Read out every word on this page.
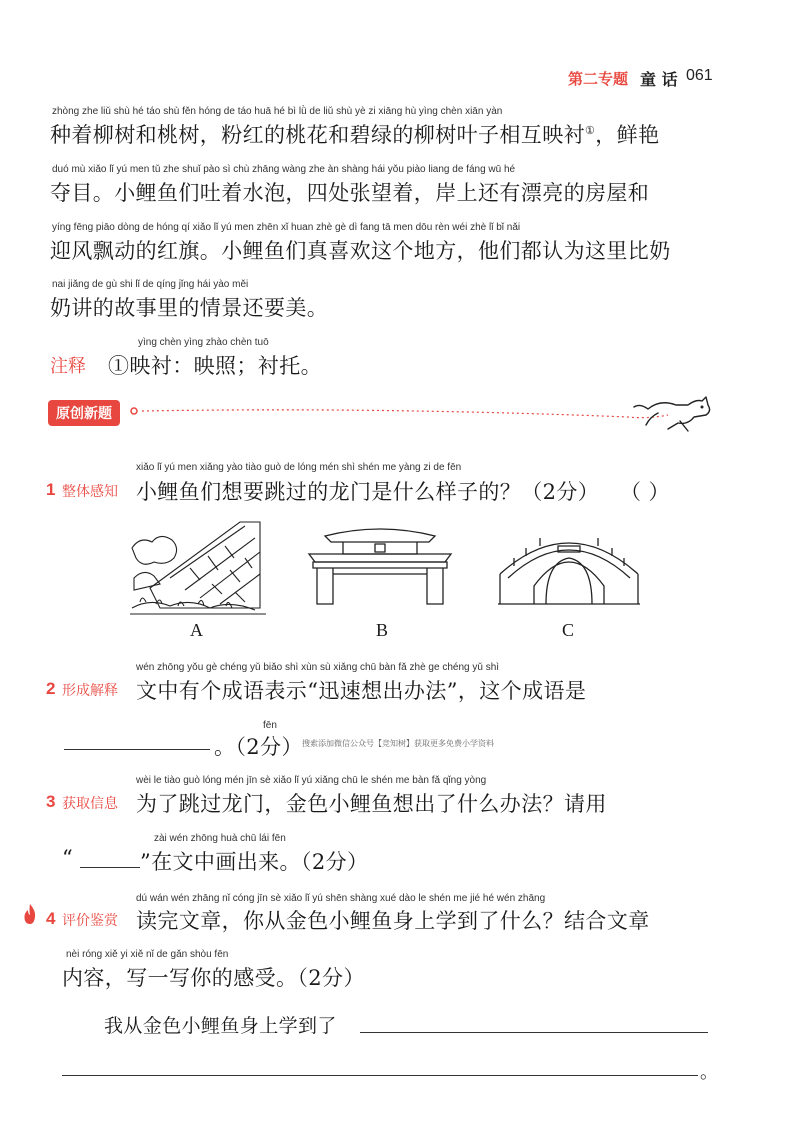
第二专题 童 话 061
zhòng zhe liǔ shù hé táo shù fěn hóng de táo huā hé bì lǜ de liǔ shù yè zi xiāng hù yìng chèn xiān yàn
种着柳树和桃树，粉红的桃花和碧绿的柳树叶子相互映衬①，鲜艳
duó mù xiǎo lǐ yú men tǔ zhe shuǐ pào sì chù zhāng wàng zhe àn shàng hái yǒu piào liang de fáng wū hé
夺目。小鲤鱼们吐着水泡，四处张望着，岸上还有漂亮的房屋和
yíng fēng piāo dòng de hóng qí xiǎo lǐ yú men zhēn xǐ huan zhè gè dì fang tā men dōu rèn wéi zhè lǐ bǐ nǎi
迎风飘动的红旗。小鲤鱼们真喜欢这个地方，他们都认为这里比奶
nai jiǎng de gù shi lǐ de qíng jǐng hái yào měi
奶讲的故事里的情景还要美。
yìng chèn yìng zhào chèn tuō
注释 ①映衬：映照；衬托。
原创新题
xiǎo lǐ yú men xiǎng yào tiào guò de lóng mén shì shén me yàng zi de fēn
1 整体感知 小鲤鱼们想要跳过的龙门是什么样子的？（2分） （ ）
A	B	C
wén zhōng yǒu gè chéng yǔ biǎo shì xùn sù xiǎng chū bàn fǎ zhè ge chéng yǔ shì
2 形成解释 文中有个成语表示“迅速想出办法”，这个成语是
fēn
。（2分） 搜索添加微信公众号【竞知树】获取更多免费小学资料
wèi le tiào guò lóng mén jīn sè xiǎo lǐ yú xiǎng chū le shén me bàn fǎ qǐng yòng
3 获取信息 为了跳过龙门，金色小鲤鱼想出了什么办法？请用
zài wén zhōng huà chū lái fēn
“	”在文中画出来。（2分）
dú wán wén zhāng nǐ cóng jīn sè xiǎo lǐ yú shēn shàng xué dào le shén me jié hé wén zhāng
4 评价鉴赏 读完文章，你从金色小鲤鱼身上学到了什么？结合文章
nèi róng xiě yi xiě nǐ de gǎn shòu fēn
内容，写一写你的感受。（2分）
我从金色小鲤鱼身上学到了
。
